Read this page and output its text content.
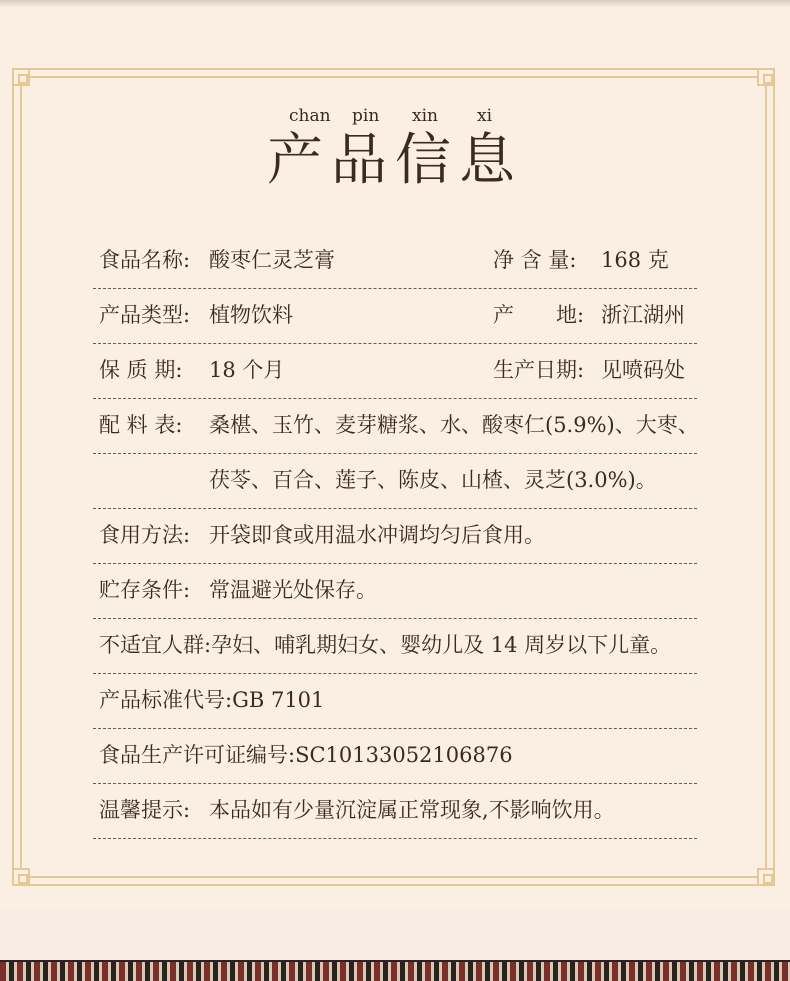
chan pin xin xi
产品信息
食品名称: 酸枣仁灵芝膏	净 含 量: 168 克
产品类型: 植物饮料	产　　地: 浙江湖州
保 质 期: 18 个月	生产日期: 见喷码处
配 料 表: 桑椹、玉竹、麦芽糖浆、水、酸枣仁(5.9%)、大枣、
茯苓、百合、莲子、陈皮、山楂、灵芝(3.0%)。
食用方法: 开袋即食或用温水冲调均匀后食用。
贮存条件: 常温避光处保存。
不适宜人群:孕妇、哺乳期妇女、婴幼儿及 14 周岁以下儿童。
产品标准代号:GB 7101
食品生产许可证编号:SC10133052106876
温馨提示: 本品如有少量沉淀属正常现象,不影响饮用。
